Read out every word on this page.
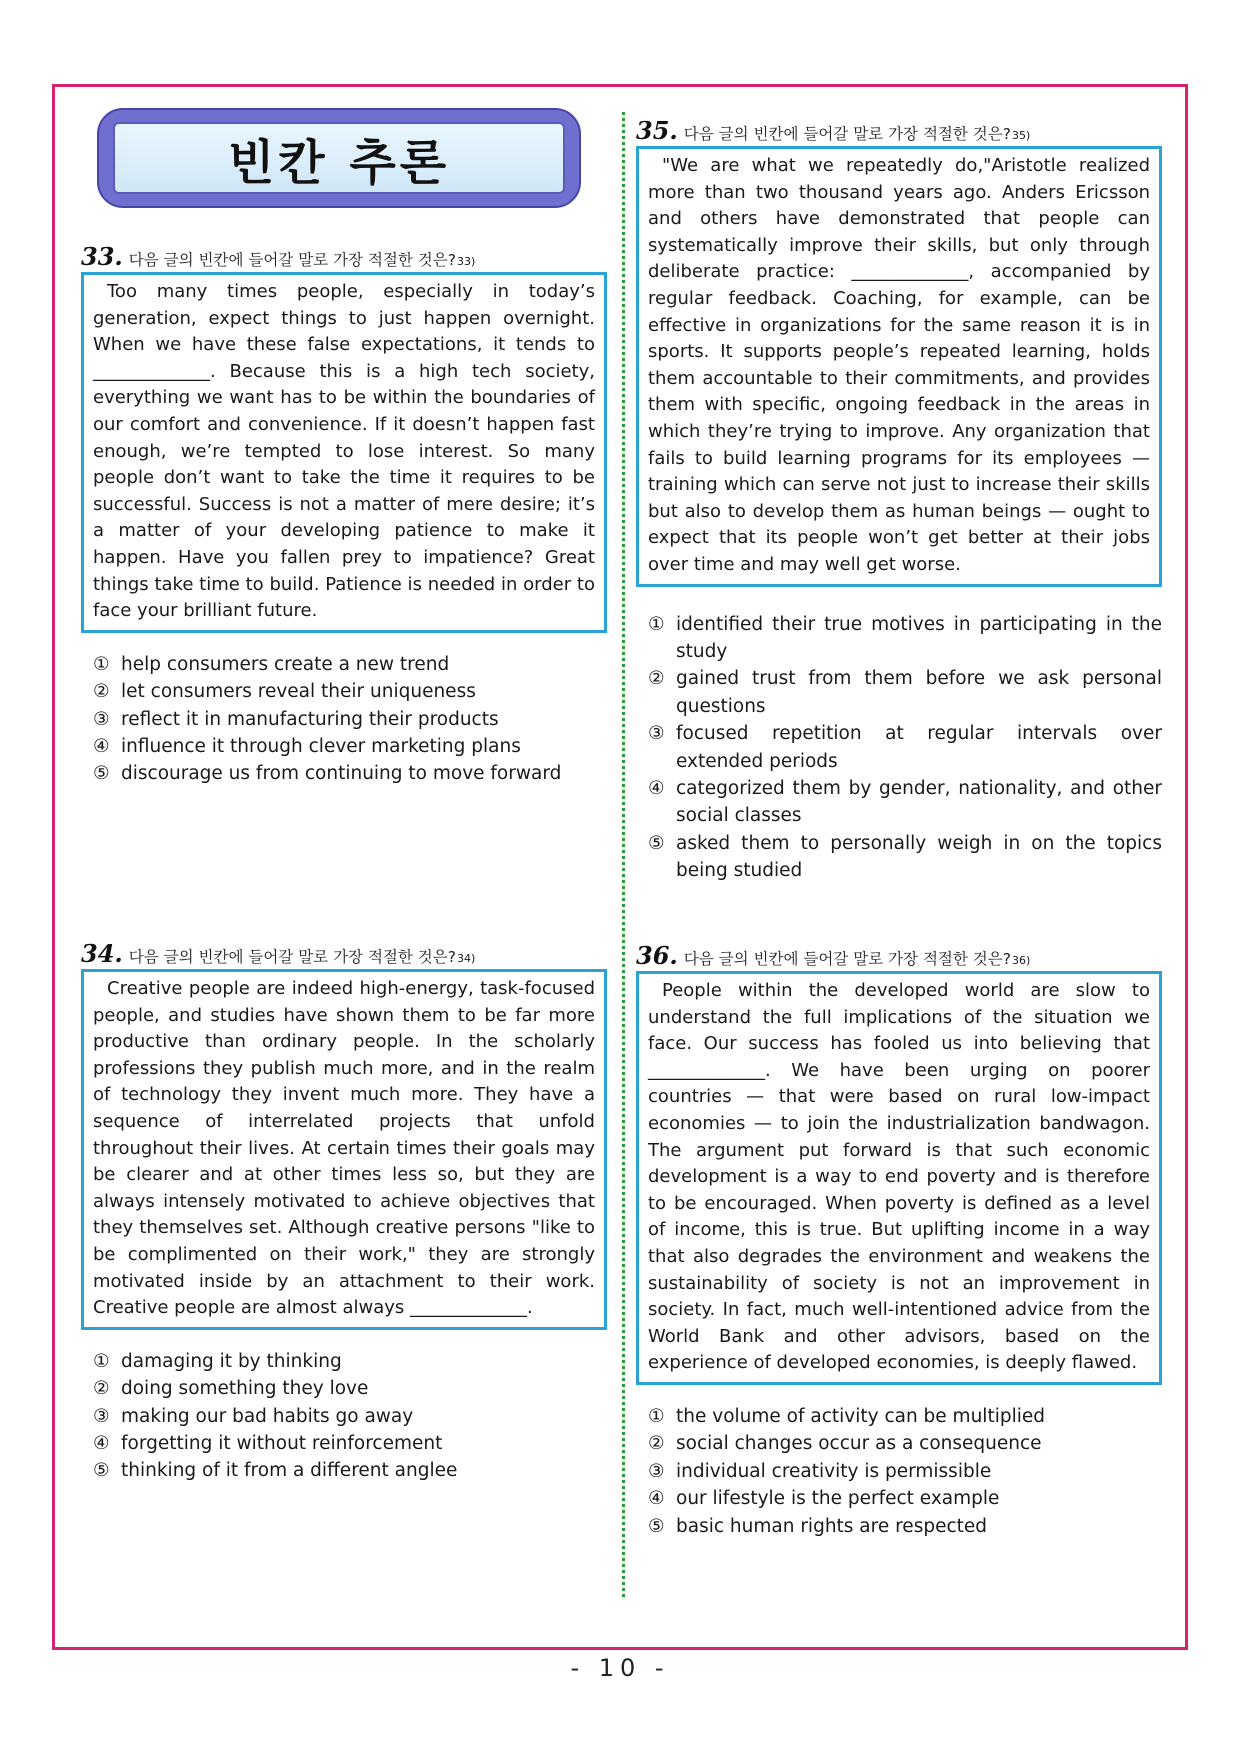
빈칸 추론
33. 다음 글의 빈칸에 들어갈 말로 가장 적절한 것은? 33)

Too many times people, especially in today’s generation, expect things to just happen overnight. When we have these false expectations, it tends to _____________. Because this is a high tech society, everything we want has to be within the boundaries of our comfort and convenience. If it doesn’t happen fast enough, we’re tempted to lose interest. So many people don’t want to take the time it requires to be successful. Success is not a matter of mere desire; it’s a matter of your developing patience to make it happen. Have you fallen prey to impatience? Great things take time to build. Patience is needed in order to face your brilliant future.

① help consumers create a new trend
② let consumers reveal their uniqueness
③ reflect it in manufacturing their products
④ influence it through clever marketing plans
⑤ discourage us from continuing to move forward
34. 다음 글의 빈칸에 들어갈 말로 가장 적절한 것은? 34)

Creative people are indeed high-energy, task-focused people, and studies have shown them to be far more productive than ordinary people. In the scholarly professions they publish much more, and in the realm of technology they invent much more. They have a sequence of interrelated projects that unfold throughout their lives. At certain times their goals may be clearer and at other times less so, but they are always intensely motivated to achieve objectives that they themselves set. Although creative persons "like to be complimented on their work," they are strongly motivated inside by an attachment to their work. Creative people are almost always _____________.

① damaging it by thinking
② doing something they love
③ making our bad habits go away
④ forgetting it without reinforcement
⑤ thinking of it from a different anglee
35. 다음 글의 빈칸에 들어갈 말로 가장 적절한 것은? 35)

"We are what we repeatedly do,"Aristotle realized more than two thousand years ago. Anders Ericsson and others have demonstrated that people can systematically improve their skills, but only through deliberate practice: _____________, accompanied by regular feedback. Coaching, for example, can be effective in organizations for the same reason it is in sports. It supports people’s repeated learning, holds them accountable to their commitments, and provides them with specific, ongoing feedback in the areas in which they’re trying to improve. Any organization that fails to build learning programs for its employees — training which can serve not just to increase their skills but also to develop them as human beings — ought to expect that its people won’t get better at their jobs over time and may well get worse.

① identified their true motives in participating in the study
② gained trust from them before we ask personal questions
③ focused repetition at regular intervals over extended periods
④ categorized them by gender, nationality, and other social classes
⑤ asked them to personally weigh in on the topics being studied
36. 다음 글의 빈칸에 들어갈 말로 가장 적절한 것은? 36)

People within the developed world are slow to understand the full implications of the situation we face. Our success has fooled us into believing that _____________. We have been urging on poorer countries — that were based on rural low-impact economies — to join the industrialization bandwagon. The argument put forward is that such economic development is a way to end poverty and is therefore to be encouraged. When poverty is defined as a level of income, this is true. But uplifting income in a way that also degrades the environment and weakens the sustainability of society is not an improvement in society. In fact, much well-intentioned advice from the World Bank and other advisors, based on the experience of developed economies, is deeply flawed.

① the volume of activity can be multiplied
② social changes occur as a consequence
③ individual creativity is permissible
④ our lifestyle is the perfect example
⑤ basic human rights are respected
- 10 -
